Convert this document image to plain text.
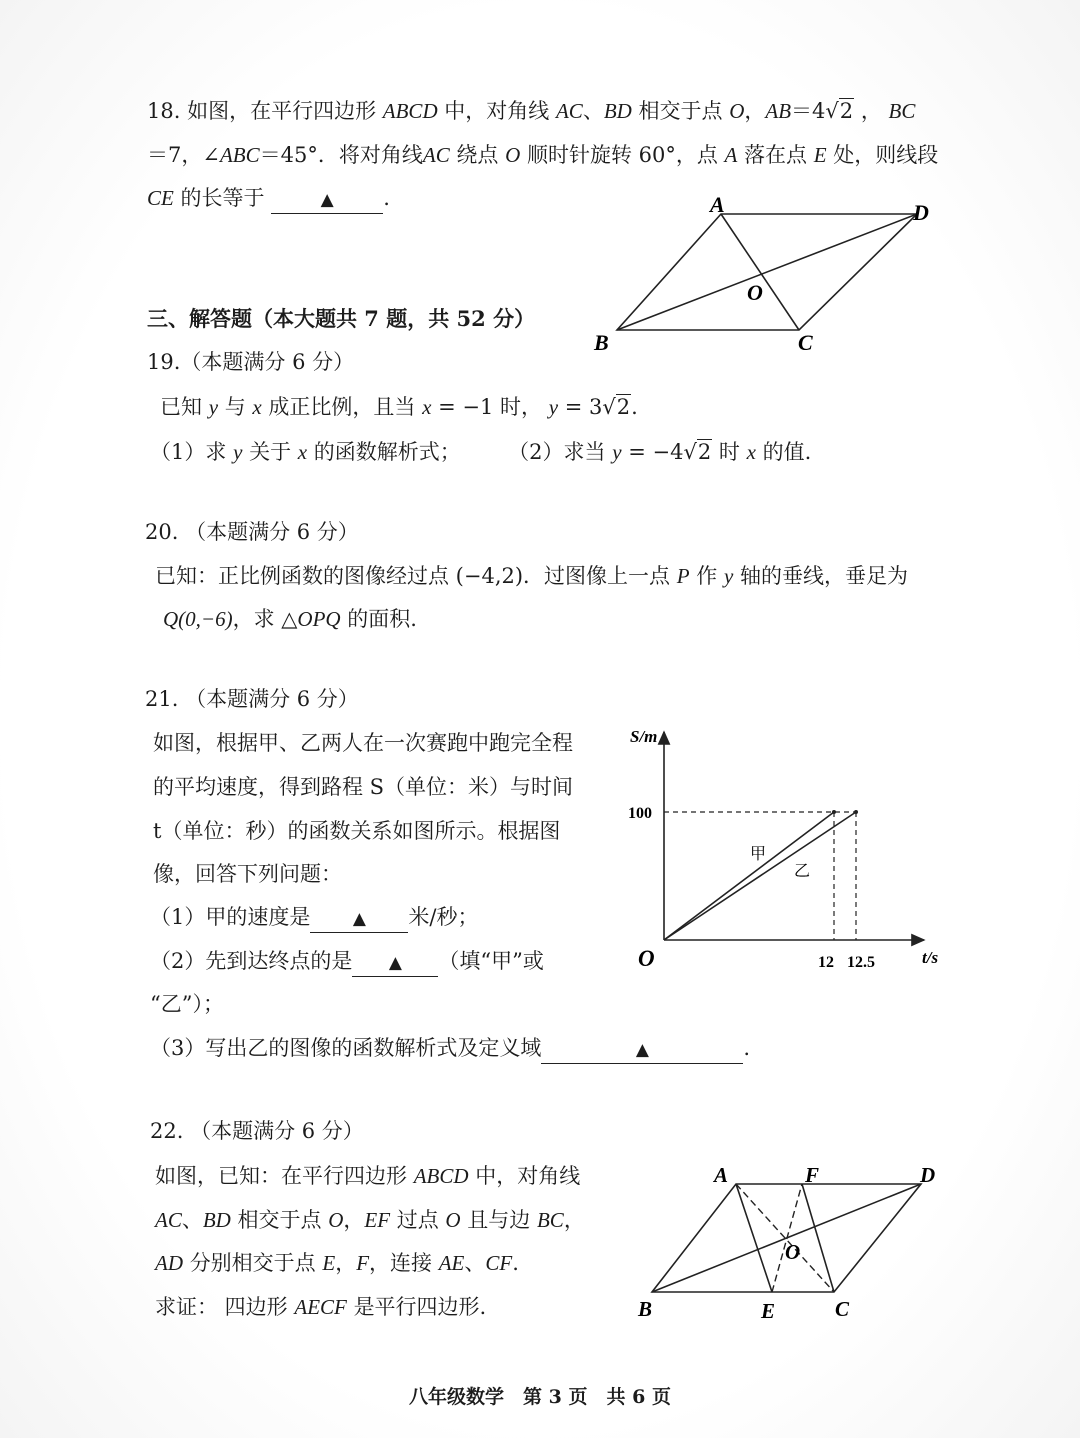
18. 如图，在平行四边形 ABCD 中，对角线 AC、BD 相交于点 O，AB＝4√2 ， BC
＝7，∠ABC＝45°．将对角线AC 绕点 O 顺时针旋转 60°，点 A 落在点 E 处，则线段
CE 的长等于	▲ .	A	D
O
B	C
三、解答题（本大题共 7 题，共 52 分）
19.（本题满分 6 分）
已知 y 与 x 成正比例，且当 x = −1 时， y = 3√2.
（1）求 y 关于 x 的函数解析式； （2）求当 y = −4√2 时 x 的值.
20. （本题满分 6 分）
已知：正比例函数的图像经过点 (−4,2)．过图像上一点 P 作 y 轴的垂线，垂足为
Q(0,−6)，求 △OPQ 的面积.
21. （本题满分 6 分）
如图，根据甲、乙两人在一次赛跑中跑完全程
的平均速度，得到路程 S（单位：米）与时间
t（单位：秒）的函数关系如图所示。根据图
像，回答下列问题：
（1）甲的速度是 ▲ 米/秒；
（2）先到达终点的是 ▲ （填“甲”或
“乙”）；
（3）写出乙的图像的函数解析式及定义域	▲	.
S/m
t/s
O
100
12 12.5
甲
乙
22. （本题满分 6 分）
如图，已知：在平行四边形 ABCD 中，对角线
AC、BD 相交于点 O，EF 过点 O 且与边 BC，
AD 分别相交于点 E，F，连接 AE、CF.
求证： 四边形 AECF 是平行四边形.
A	F	D
O
B	E	C
八年级数学　第 3 页　共 6 页
